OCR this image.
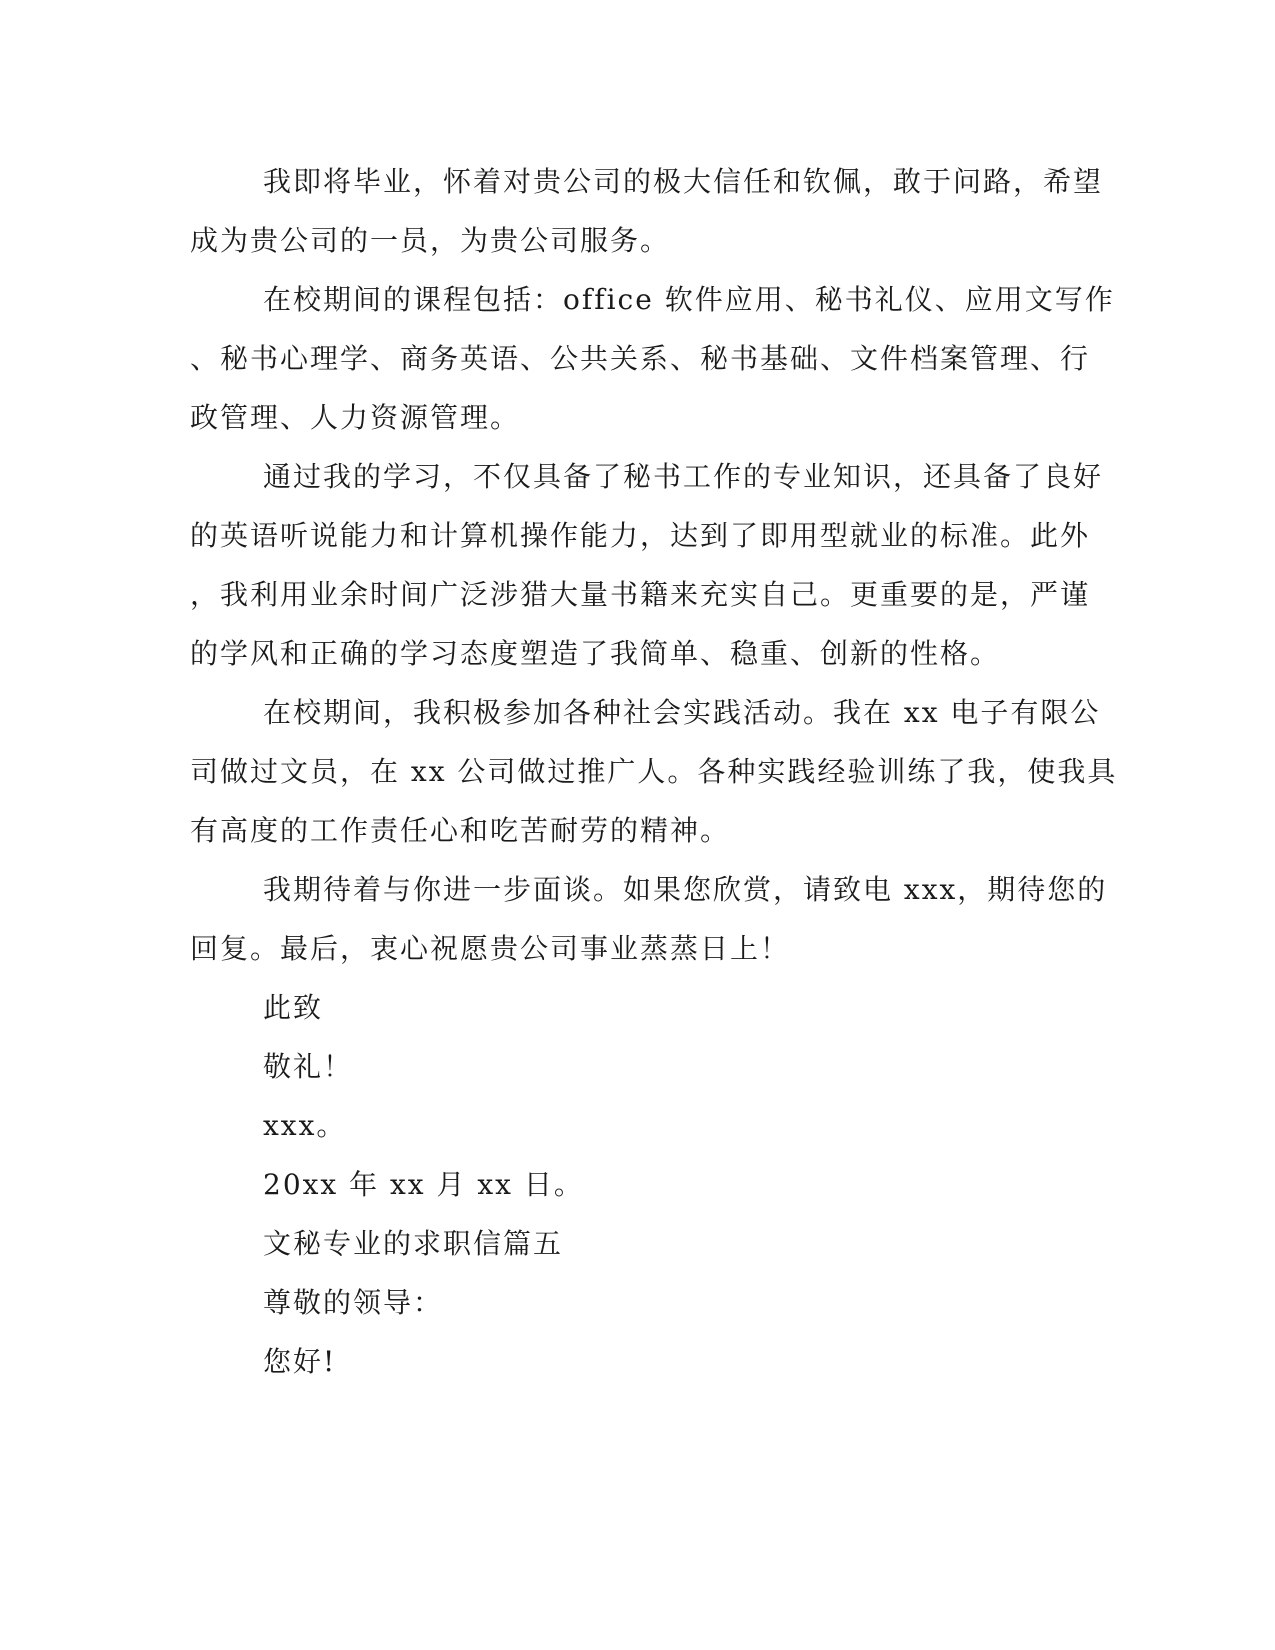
我即将毕业，怀着对贵公司的极大信任和钦佩，敢于问路，希望
成为贵公司的一员，为贵公司服务。
在校期间的课程包括：office 软件应用、秘书礼仪、应用文写作
、秘书心理学、商务英语、公共关系、秘书基础、文件档案管理、行
政管理、人力资源管理。
通过我的学习，不仅具备了秘书工作的专业知识，还具备了良好
的英语听说能力和计算机操作能力，达到了即用型就业的标准。此外
，我利用业余时间广泛涉猎大量书籍来充实自己。更重要的是，严谨
的学风和正确的学习态度塑造了我简单、稳重、创新的性格。
在校期间，我积极参加各种社会实践活动。我在 xx 电子有限公
司做过文员，在 xx 公司做过推广人。各种实践经验训练了我，使我具
有高度的工作责任心和吃苦耐劳的精神。
我期待着与你进一步面谈。如果您欣赏，请致电 xxx，期待您的
回复。最后，衷心祝愿贵公司事业蒸蒸日上！
此致
敬礼！
xxx。
20xx 年 xx 月 xx 日。
文秘专业的求职信篇五
尊敬的领导：
您好!
